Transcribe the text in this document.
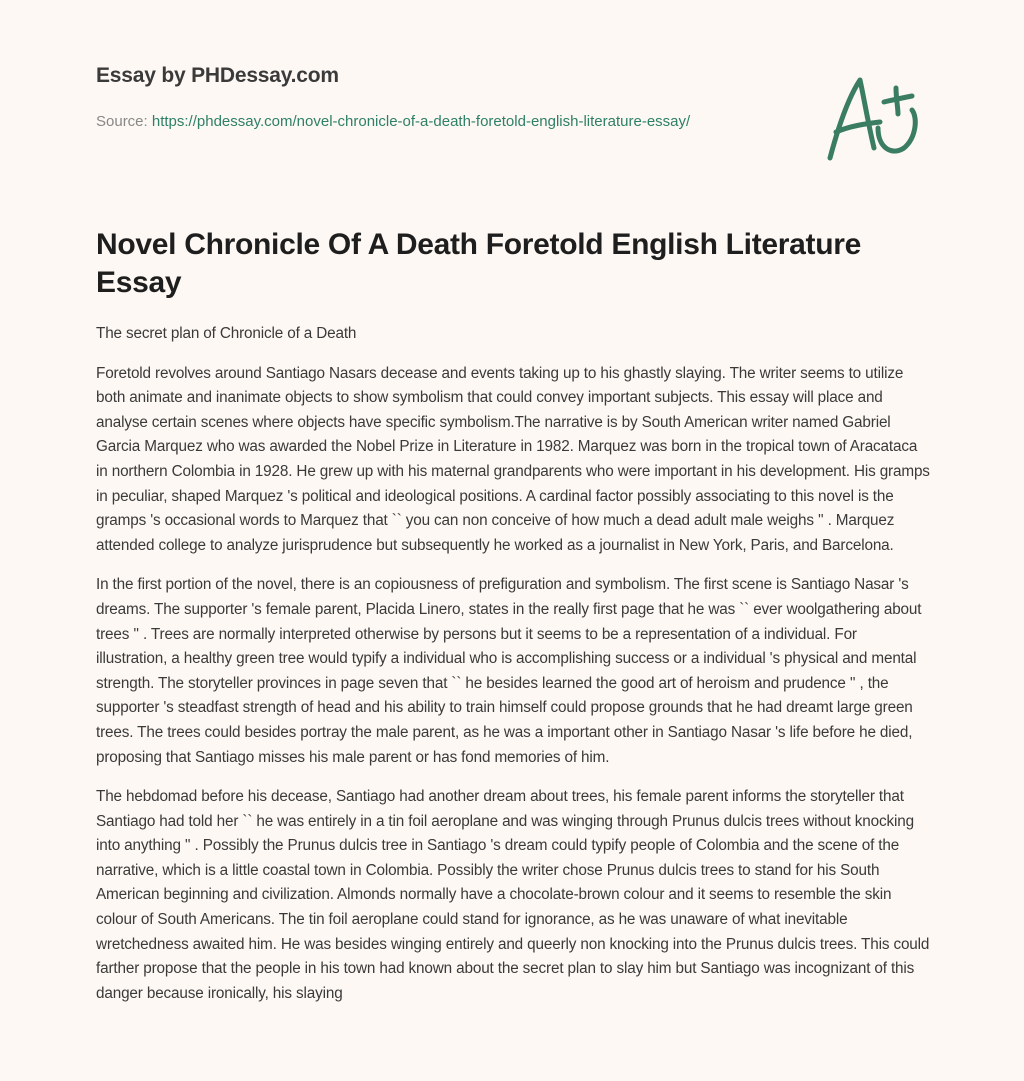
Essay by PHDessay.com
Source: https://phdessay.com/novel-chronicle-of-a-death-foretold-english-literature-essay/
Novel Chronicle Of A Death Foretold English Literature Essay

The secret plan of Chronicle of a Death

Foretold revolves around Santiago Nasars decease and events taking up to his ghastly slaying. The writer seems to utilize both animate and inanimate objects to show symbolism that could convey important subjects. This essay will place and analyse certain scenes where objects have specific symbolism.The narrative is by South American writer named Gabriel Garcia Marquez who was awarded the Nobel Prize in Literature in 1982. Marquez was born in the tropical town of Aracataca in northern Colombia in 1928. He grew up with his maternal grandparents who were important in his development. His gramps in peculiar, shaped Marquez 's political and ideological positions. A cardinal factor possibly associating to this novel is the gramps 's occasional words to Marquez that `` you can non conceive of how much a dead adult male weighs '' . Marquez attended college to analyze jurisprudence but subsequently he worked as a journalist in New York, Paris, and Barcelona.

In the first portion of the novel, there is an copiousness of prefiguration and symbolism. The first scene is Santiago Nasar 's dreams. The supporter 's female parent, Placida Linero, states in the really first page that he was `` ever woolgathering about trees '' . Trees are normally interpreted otherwise by persons but it seems to be a representation of a individual. For illustration, a healthy green tree would typify a individual who is accomplishing success or a individual 's physical and mental strength. The storyteller provinces in page seven that `` he besides learned the good art of heroism and prudence '' , the supporter 's steadfast strength of head and his ability to train himself could propose grounds that he had dreamt large green trees. The trees could besides portray the male parent, as he was a important other in Santiago Nasar 's life before he died, proposing that Santiago misses his male parent or has fond memories of him.

The hebdomad before his decease, Santiago had another dream about trees, his female parent informs the storyteller that Santiago had told her `` he was entirely in a tin foil aeroplane and was winging through Prunus dulcis trees without knocking into anything '' . Possibly the Prunus dulcis tree in Santiago 's dream could typify people of Colombia and the scene of the narrative, which is a little coastal town in Colombia. Possibly the writer chose Prunus dulcis trees to stand for his South American beginning and civilization. Almonds normally have a chocolate-brown colour and it seems to resemble the skin colour of South Americans. The tin foil aeroplane could stand for ignorance, as he was unaware of what inevitable wretchedness awaited him. He was besides winging entirely and queerly non knocking into the Prunus dulcis trees. This could farther propose that the people in his town had known about the secret plan to slay him but Santiago was incognizant of this danger because ironically, his slaying
